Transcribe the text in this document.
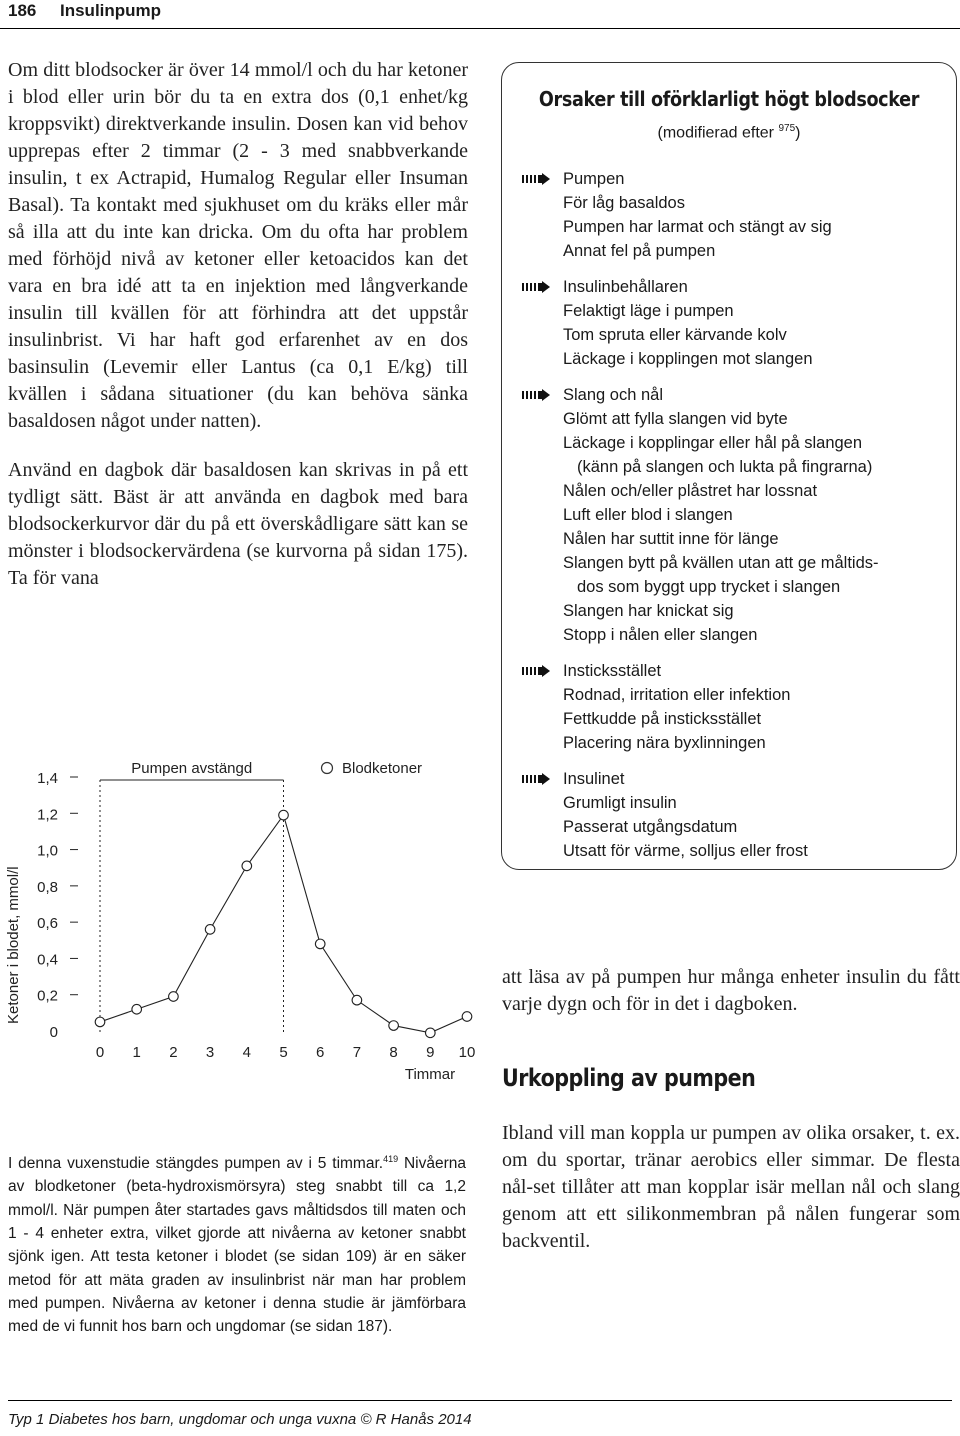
186 Insulinpump

Om ditt blodsocker är över 14 mmol/l och du har ketoner i blod eller urin bör du ta en extra dos (0,1 enhet/kg kroppsvikt) direktverkande insulin. Dosen kan vid behov upprepas efter 2 timmar (2 - 3 med snabbverkande insulin, t ex Actrapid, Humalog Regular eller Insuman Basal). Ta kontakt med sjukhuset om du kräks eller mår så illa att du inte kan dricka. Om du ofta har problem med förhöjd nivå av ketoner eller ketoacidos kan det vara en bra idé att ta en injektion med långverkande insulin till kvällen för att förhindra att det uppstår insulinbrist. Vi har haft god erfarenhet av en dos basinsulin (Levemir eller Lantus (ca 0,1 E/kg) till kvällen i sådana situationer (du kan behöva sänka basaldosen något under natten).

Använd en dagbok där basaldosen kan skrivas in på ett tydligt sätt. Bäst är att använda en dagbok med bara blodsockerkurvor där du på ett överskådligare sätt kan se mönster i blodsockervärdena (se kurvorna på sidan 175). Ta för vana

Orsaker till oförklarligt högt blodsocker
(modifierad efter $^{975}$)
Pumpen
För låg basaldos
Pumpen har larmat och stängt av sig
Annat fel på pumpen
Insulinbehållaren
Felaktigt läge i pumpen
Tom spruta eller kärvande kolv
Läckage i kopplingen mot slangen
Slang och nål
Glömt att fylla slangen vid byte
Läckage i kopplingar eller hål på slangen
(känn på slangen och lukta på fingrarna)
Nålen och/eller plåstret har lossnat
Luft eller blod i slangen
Nålen har suttit inne för länge
Slangen bytt på kvällen utan att ge måltids-
dos som byggt upp trycket i slangen
Slangen har knickat sig
Stopp i nålen eller slangen
Insticksstället
Rodnad, irritation eller infektion
Fettkudde på insticksstället
Placering nära byxlinningen
Insulinet
Grumligt insulin
Passerat utgångsdatum
Utsatt för värme, solljus eller frost
0
0,2
0,4
0,6
0,8
1,0
1,2
1,4
0 1 2 3 4 5 6 7 8 9 10
Timmar
Ketoner i blodet, mmol/l
Pumpen avstängd	Blodketoner
I denna vuxenstudie stängdes pumpen av i 5 timmar.$^{419}$ Nivåerna av blodketoner (beta-hydroxismörsyra) steg snabbt till ca 1,2 mmol/l. När pumpen åter startades gavs måltidsdos till maten och 1 - 4 enheter extra, vilket gjorde att nivåerna av ketoner snabbt sjönk igen. Att testa ketoner i blodet (se sidan 109) är en säker metod för att mäta graden av insulinbrist när man har problem med pumpen. Nivåerna av ketoner i denna studie är jämförbara med de vi funnit hos barn och ungdomar (se sidan 187).

att läsa av på pumpen hur många enheter insulin du fått varje dygn och för in det i dagboken.

Urkoppling av pumpen

Ibland vill man koppla ur pumpen av olika orsaker, t. ex. om du sportar, tränar aerobics eller simmar. De flesta nål-set tillåter att man kopplar isär mellan nål och slang genom att ett silikonmembran på nålen fungerar som backventil.

Typ 1 Diabetes hos barn, ungdomar och unga vuxna © R Hanås 2014
